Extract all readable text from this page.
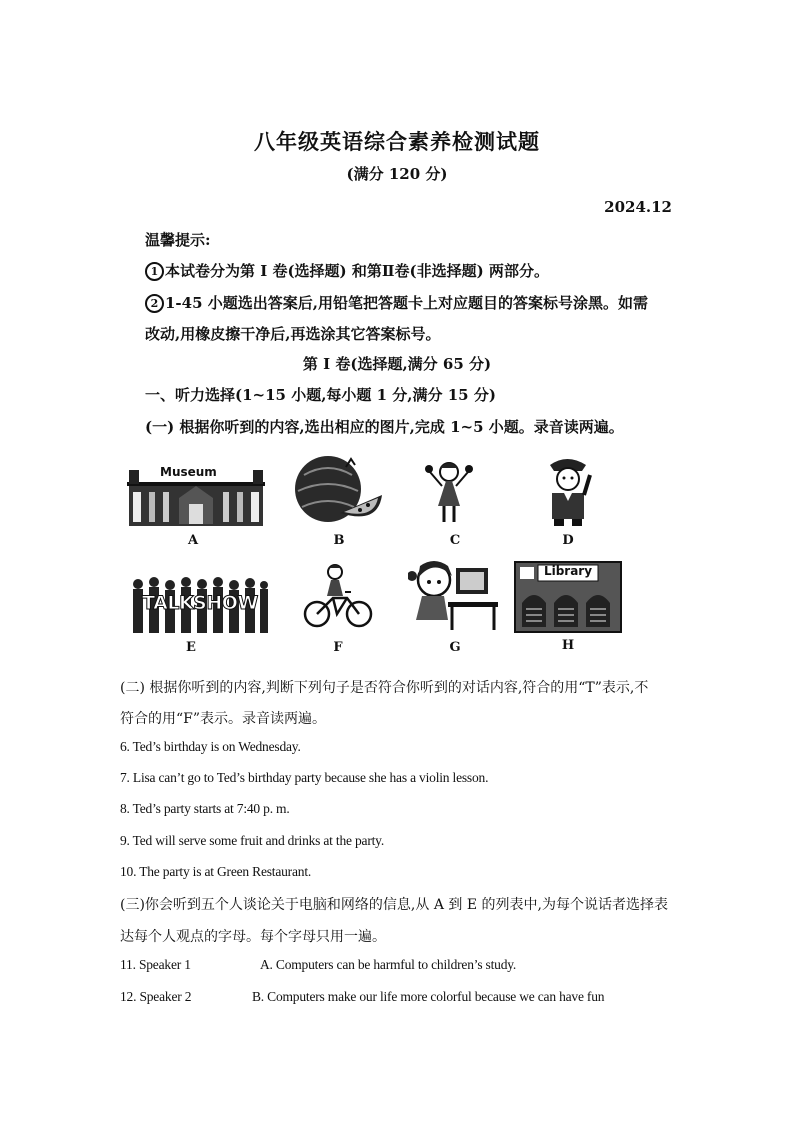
八年级英语综合素养检测试题
(满分 120 分)
2024.12
温馨提示:
1 本试卷分为第 I 卷(选择题) 和第Ⅱ卷(非选择题) 两部分。
2 1-45 小题选出答案后,用铅笔把答题卡上对应题目的答案标号涂黑。如需
改动,用橡皮擦干净后,再选涂其它答案标号。
第 I 卷(选择题,满分 65 分)
一、听力选择(1~15 小题,每小题 1 分,满分 15 分)
(一) 根据你听到的内容,选出相应的图片,完成 1~5 小题。录音读两遍。
Museum
A	B	C	D
TALKSHOW
E	F	G
Library
H
(二) 根据你听到的内容,判断下列句子是否符合你听到的对话内容,符合的用“T”表示,不
符合的用“F”表示。录音读两遍。
6. Ted’s birthday is on Wednesday.
7. Lisa can’t go to Ted’s birthday party because she has a violin lesson.
8. Ted’s party starts at 7:40 p. m.
9. Ted will serve some fruit and drinks at the party.
10. The party is at Green Restaurant.
(三)你会听到五个人谈论关于电脑和网络的信息,从 A 到 E 的列表中,为每个说话者选择表
达每个人观点的字母。每个字母只用一遍。
11. Speaker 1	A. Computers can be harmful to children’s study.
12. Speaker 2	B. Computers make our life more colorful because we can have fun
